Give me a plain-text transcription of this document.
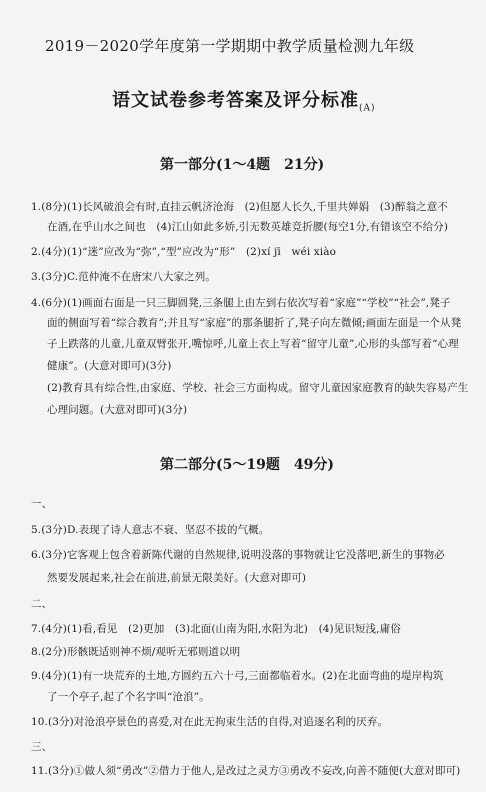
2019－2020学年度第一学期期中教学质量检测九年级
语文试卷参考答案及评分标准$_{(A)}$
第一部分(1～4题　21分)
1.(8分)(1)长风破浪会有时,直挂云帆济沧海　(2)但愿人长久,千里共婵娟　(3)醉翁之意不
在酒,在乎山水之间也　(4)江山如此多娇,引无数英雄竞折腰(每空1分,有错该空不给分)
2.(4分)(1)“迷”应改为“弥”,“型”应改为“形”　(2)xí jī　wéi xiào
3.(3分)C.范仲淹不在唐宋八大家之列。
4.(6分)(1)画面右面是一只三脚圆凳,三条腿上由左到右依次写着“家庭”“学校”“社会”,凳子
面的侧面写着“综合教育”;并且写“家庭”的那条腿折了,凳子向左微倾;画面左面是一个从凳
子上跌落的儿童,儿童双臂张开,嘴惊呼,儿童上衣上写着“留守儿童”,心形的头部写着“心理
健康”。(大意对即可)(3分)
(2)教育具有综合性,由家庭、学校、社会三方面构成。留守儿童因家庭教育的缺失容易产生
心理问题。(大意对即可)(3分)
第二部分(5～19题　49分)
一、
5.(3分)D.表现了诗人意志不衰、坚忍不拔的气概。
6.(3分)它客观上包含着新陈代谢的自然规律,说明没落的事物就让它没落吧,新生的事物必
然要发展起来,社会在前进,前景无限美好。(大意对即可)
二、
7.(4分)(1)看,看见　(2)更加　(3)北面(山南为阳,水阳为北)　(4)见识短浅,庸俗
8.(2分)形骸既适则神不烦/观听无邪则道以明
9.(4分)(1)有一块荒弃的土地,方圆约五六十弓,三面都临着水。(2)在北面弯曲的堤岸构筑
了一个亭子,起了个名字叫“沧浪”。
10.(3分)对沧浪亭景色的喜爱,对在此无拘束生活的自得,对追逐名利的厌弃。
三、
11.(3分)①做人须“勇改”②借力于他人,是改过之灵方③勇改不妄改,向善不随便(大意对即可)
